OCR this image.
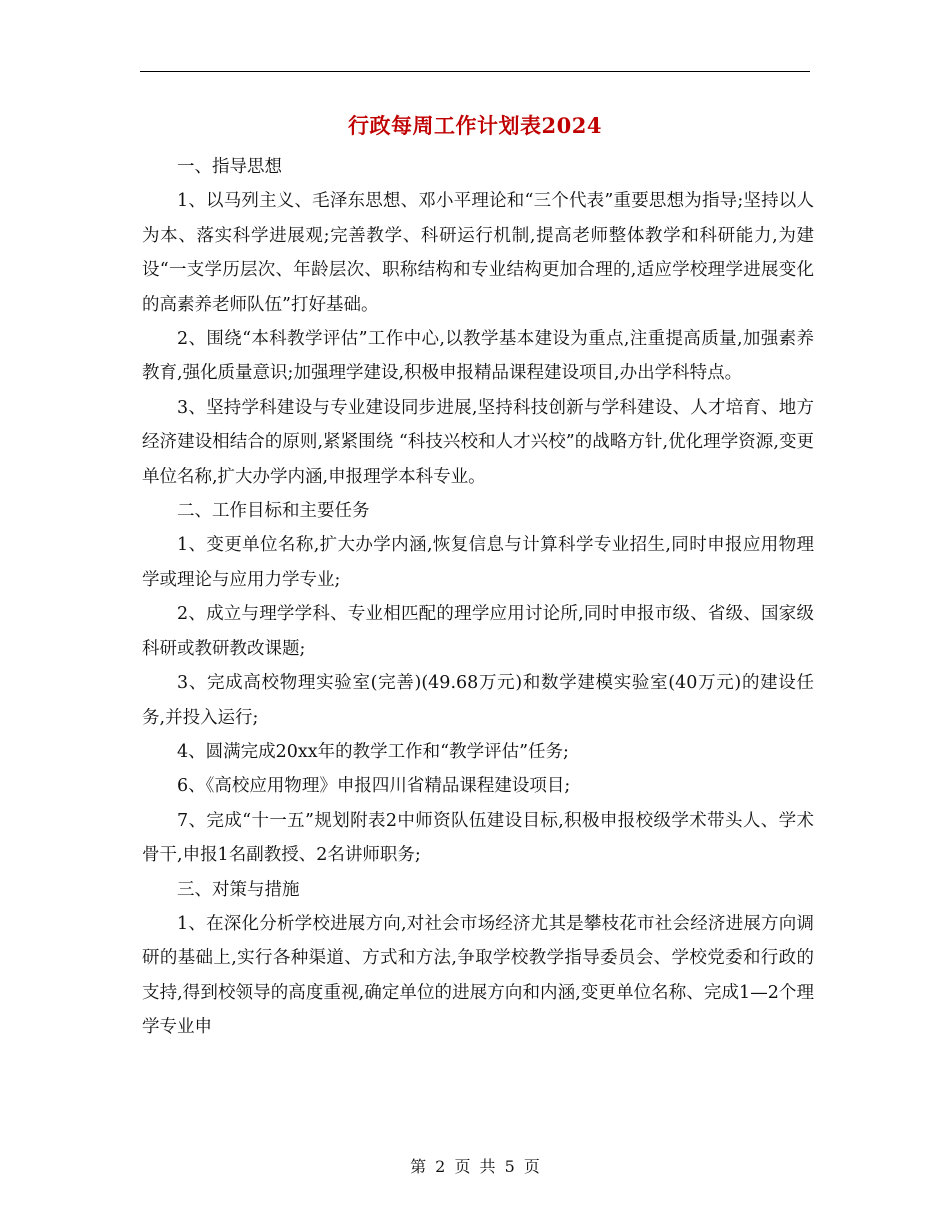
行政每周工作计划表2024

一、指导思想

1、以马列主义、毛泽东思想、邓小平理论和“三个代表”重要思想为指导;坚持以人为本、落实科学进展观;完善教学、科研运行机制,提高老师整体教学和科研能力,为建设“一支学历层次、年龄层次、职称结构和专业结构更加合理的,适应学校理学进展变化的高素养老师队伍”打好基础。

2、围绕“本科教学评估”工作中心,以教学基本建设为重点,注重提高质量,加强素养教育,强化质量意识;加强理学建设,积极申报精品课程建设项目,办出学科特点。

3、坚持学科建设与专业建设同步进展,坚持科技创新与学科建设、人才培育、地方经济建设相结合的原则,紧紧围绕 “科技兴校和人才兴校”的战略方针,优化理学资源,变更单位名称,扩大办学内涵,申报理学本科专业。

二、工作目标和主要任务

1、变更单位名称,扩大办学内涵,恢复信息与计算科学专业招生,同时申报应用物理学或理论与应用力学专业;

2、成立与理学学科、专业相匹配的理学应用讨论所,同时申报市级、省级、国家级科研或教研教改课题;

3、完成高校物理实验室(完善)(49.68万元)和数学建模实验室(40万元)的建设任务,并投入运行;

4、圆满完成20xx年的教学工作和“教学评估”任务;

6、《高校应用物理》申报四川省精品课程建设项目;

7、完成“十一五”规划附表2中师资队伍建设目标,积极申报校级学术带头人、学术骨干,申报1名副教授、2名讲师职务;

三、对策与措施

1、在深化分析学校进展方向,对社会市场经济尤其是攀枝花市社会经济进展方向调研的基础上,实行各种渠道、方式和方法,争取学校教学指导委员会、学校党委和行政的支持,得到校领导的高度重视,确定单位的进展方向和内涵,变更单位名称、完成1—2个理学专业申

第 2 页 共 5 页
